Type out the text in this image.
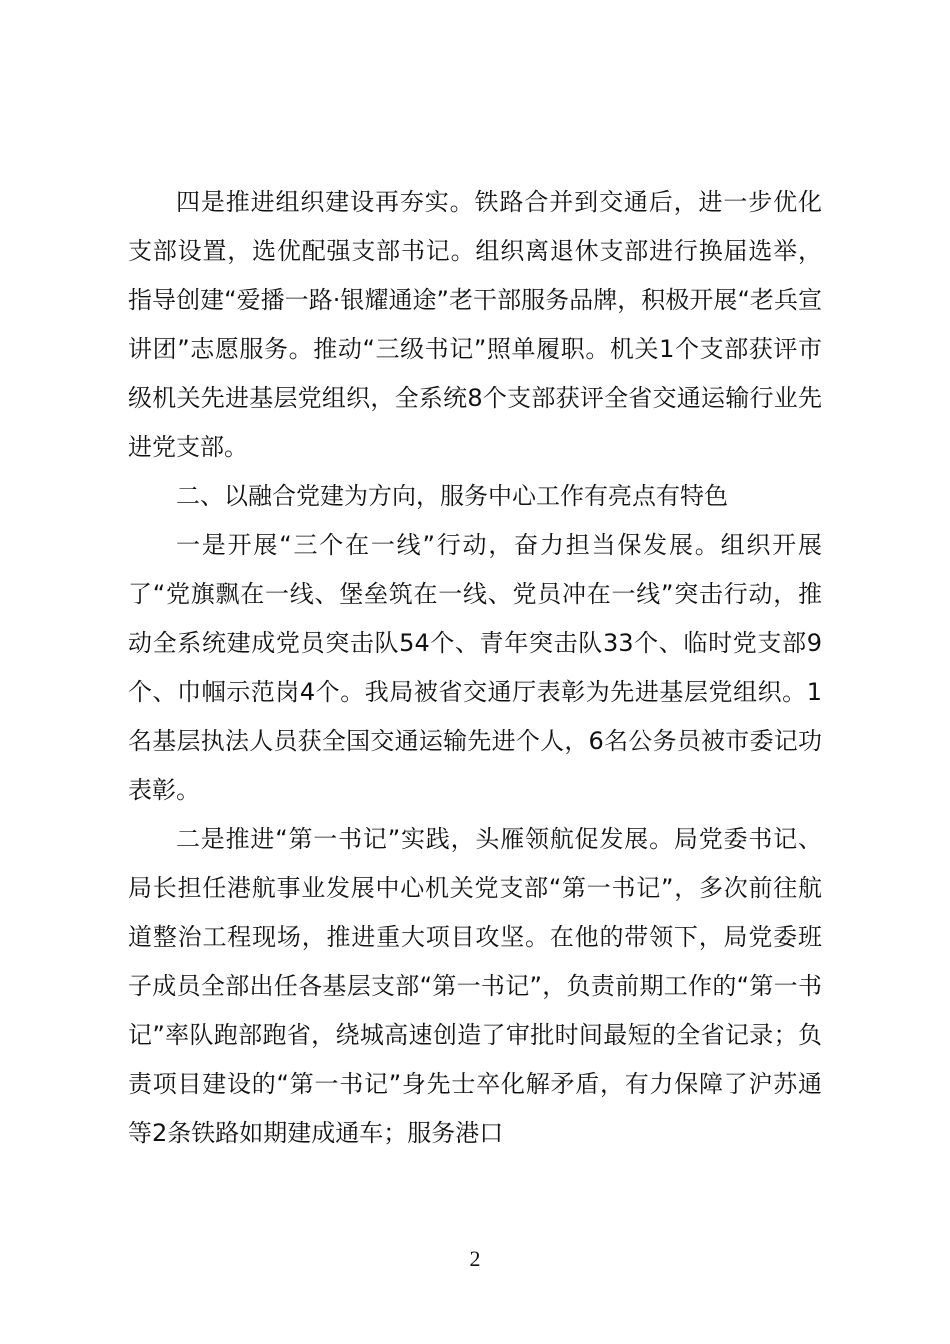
四是推进组织建设再夯实。铁路合并到交通后，进一步优化支部设置，选优配强支部书记。组织离退休支部进行换届选举，指导创建“爱播一路·银耀通途”老干部服务品牌，积极开展“老兵宣讲团”志愿服务。推动“三级书记”照单履职。机关1个支部获评市级机关先进基层党组织，全系统8个支部获评全省交通运输行业先进党支部。

二、以融合党建为方向，服务中心工作有亮点有特色

一是开展“三个在一线”行动，奋力担当保发展。组织开展了“党旗飘在一线、堡垒筑在一线、党员冲在一线”突击行动，推动全系统建成党员突击队54个、青年突击队33个、临时党支部9个、巾帼示范岗4个。我局被省交通厅表彰为先进基层党组织。1名基层执法人员获全国交通运输先进个人，6名公务员被市委记功表彰。

二是推进“第一书记”实践，头雁领航促发展。局党委书记、局长担任港航事业发展中心机关党支部“第一书记”，多次前往航道整治工程现场，推进重大项目攻坚。在他的带领下，局党委班子成员全部出任各基层支部“第一书记”，负责前期工作的“第一书记”率队跑部跑省，绕城高速创造了审批时间最短的全省记录；负责项目建设的“第一书记”身先士卒化解矛盾，有力保障了沪苏通等2条铁路如期建成通车；服务港口

2
